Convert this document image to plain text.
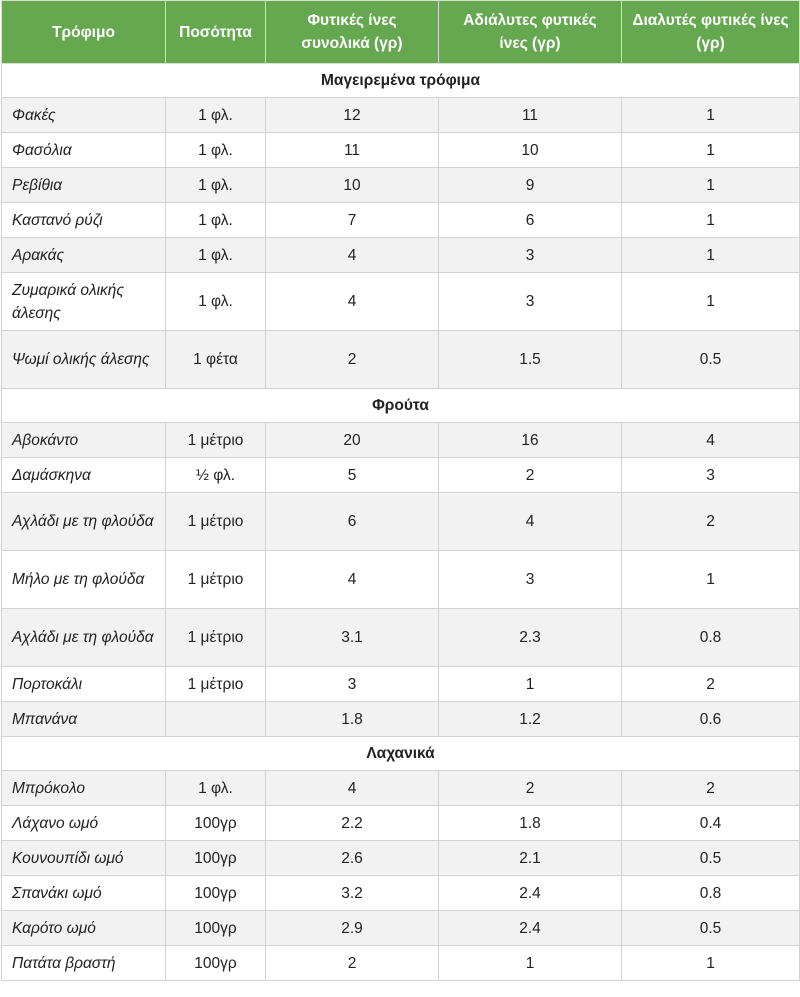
Τρόφιμο	Ποσότητα	Φυτικές ίνες συνολικά (γρ)	Αδιάλυτες φυτικές ίνες (γρ)	Διαλυτές φυτικές ίνες (γρ)
Μαγειρεμένα τρόφιμα				
Φακές	1 φλ.	12	11	1
Φασόλια	1 φλ.	11	10	1
Ρεβίθια	1 φλ.	10	9	1
Καστανό ρύζι	1 φλ.	7	6	1
Αρακάς	1 φλ.	4	3	1
Ζυμαρικά ολικής άλεσης	1 φλ.	4	3	1
Ψωμί ολικής άλεσης	1 φέτα	2	1.5	0.5
Φρούτα				
Αβοκάντο	1 μέτριο	20	16	4
Δαμάσκηνα	½ φλ.	5	2	3
Αχλάδι με τη φλούδα	1 μέτριο	6	4	2
Μήλο με τη φλούδα	1 μέτριο	4	3	1
Αχλάδι με τη φλούδα	1 μέτριο	3.1	2.3	0.8
Πορτοκάλι	1 μέτριο	3	1	2
Μπανάνα		1.8	1.2	0.6
Λαχανικά				
Μπρόκολο	1 φλ.	4	2	2
Λάχανο ωμό	100γρ	2.2	1.8	0.4
Κουνουπίδι ωμό	100γρ	2.6	2.1	0.5
Σπανάκι ωμό	100γρ	3.2	2.4	0.8
Καρότο ωμό	100γρ	2.9	2.4	0.5
Πατάτα βραστή	100γρ	2	1	1
